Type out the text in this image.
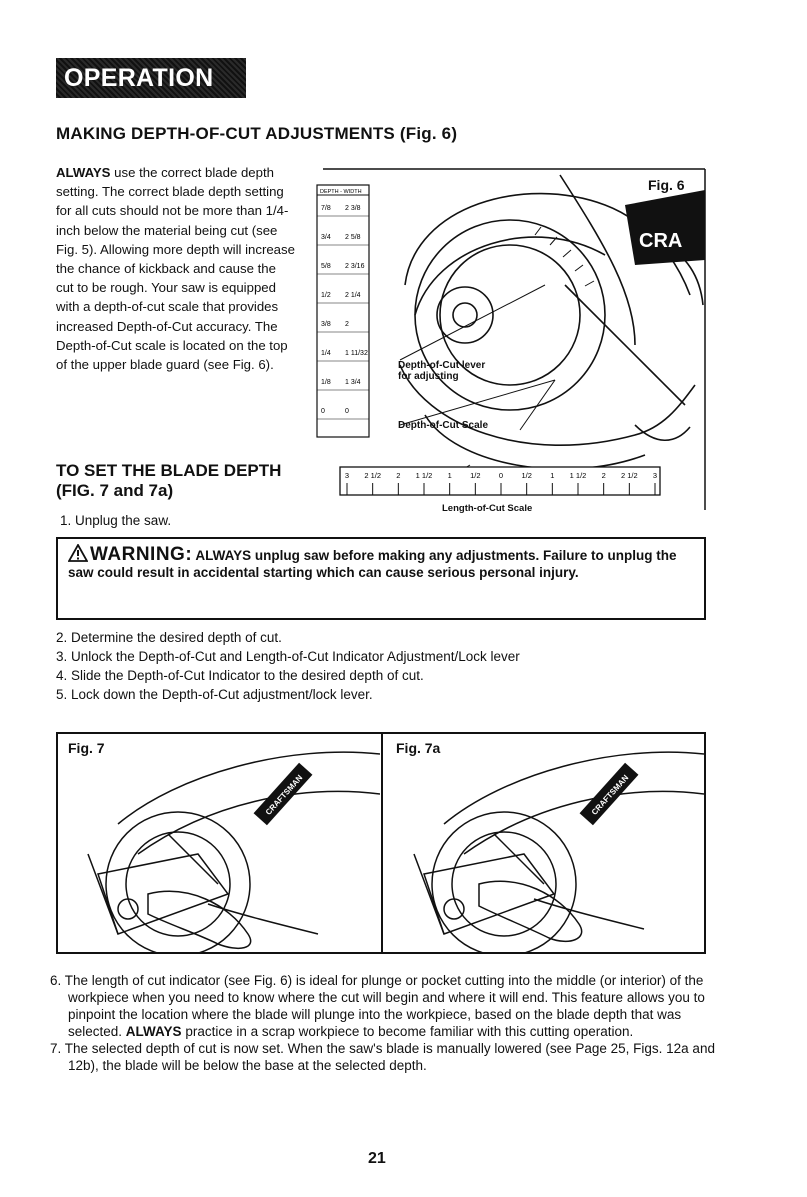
OPERATION cont.
MAKING DEPTH-OF-CUT ADJUSTMENTS (Fig. 6)
ALWAYS use the correct blade depth setting. The correct blade depth setting for all cuts should not be more than 1/4-inch below the material being cut (see Fig. 5). Allowing more depth will increase the chance of kickback and cause the cut to be rough. Your saw is equipped with a depth-of-cut scale that provides increased Depth-of-Cut accuracy. The Depth-of-Cut scale is located on the top of the upper blade guard (see Fig. 6).
CRA
DEPTH - WIDTH
7/8 2 3/8
3/4 2 5/8
5/8 2 3/16
1/2 2 1/4
3/8 2
1/4 1 11/32
1/8 1 3/4
0	0
3 2 1/2 2 1 1/2 1 1/2 0 1/2 1 1 1/2 2 2 1/2 3
Fig. 6
Depth-of-Cut lever for adjusting
Depth-of-Cut Scale
Length-of-Cut Scale
TO SET THE BLADE DEPTH
(FIG. 7 and 7a)
1. Unplug the saw.
WARNING: ALWAYS unplug saw before making any adjustments. Failure to unplug the saw could result in accidental starting which can cause serious personal injury.
2. Determine the desired depth of cut.
3. Unlock the Depth-of-Cut and Length-of-Cut Indicator Adjustment/Lock lever
4. Slide the Depth-of-Cut Indicator to the desired depth of cut.
5. Lock down the Depth-of-Cut adjustment/lock lever.
CRAFTSMAN
Fig. 7
CRAFTSMAN
Fig. 7a
6. The length of cut indicator (see Fig. 6) is ideal for plunge or pocket cutting into the middle (or interior) of the workpiece when you need to know where the cut will begin and where it will end. This feature allows you to pinpoint the location where the blade will plunge into the workpiece, based on the blade depth that was selected. ALWAYS practice in a scrap workpiece to become familiar with this cutting operation.
7. The selected depth of cut is now set. When the saw's blade is manually lowered (see Page 25, Figs. 12a and 12b), the blade will be below the base at the selected depth.
21
